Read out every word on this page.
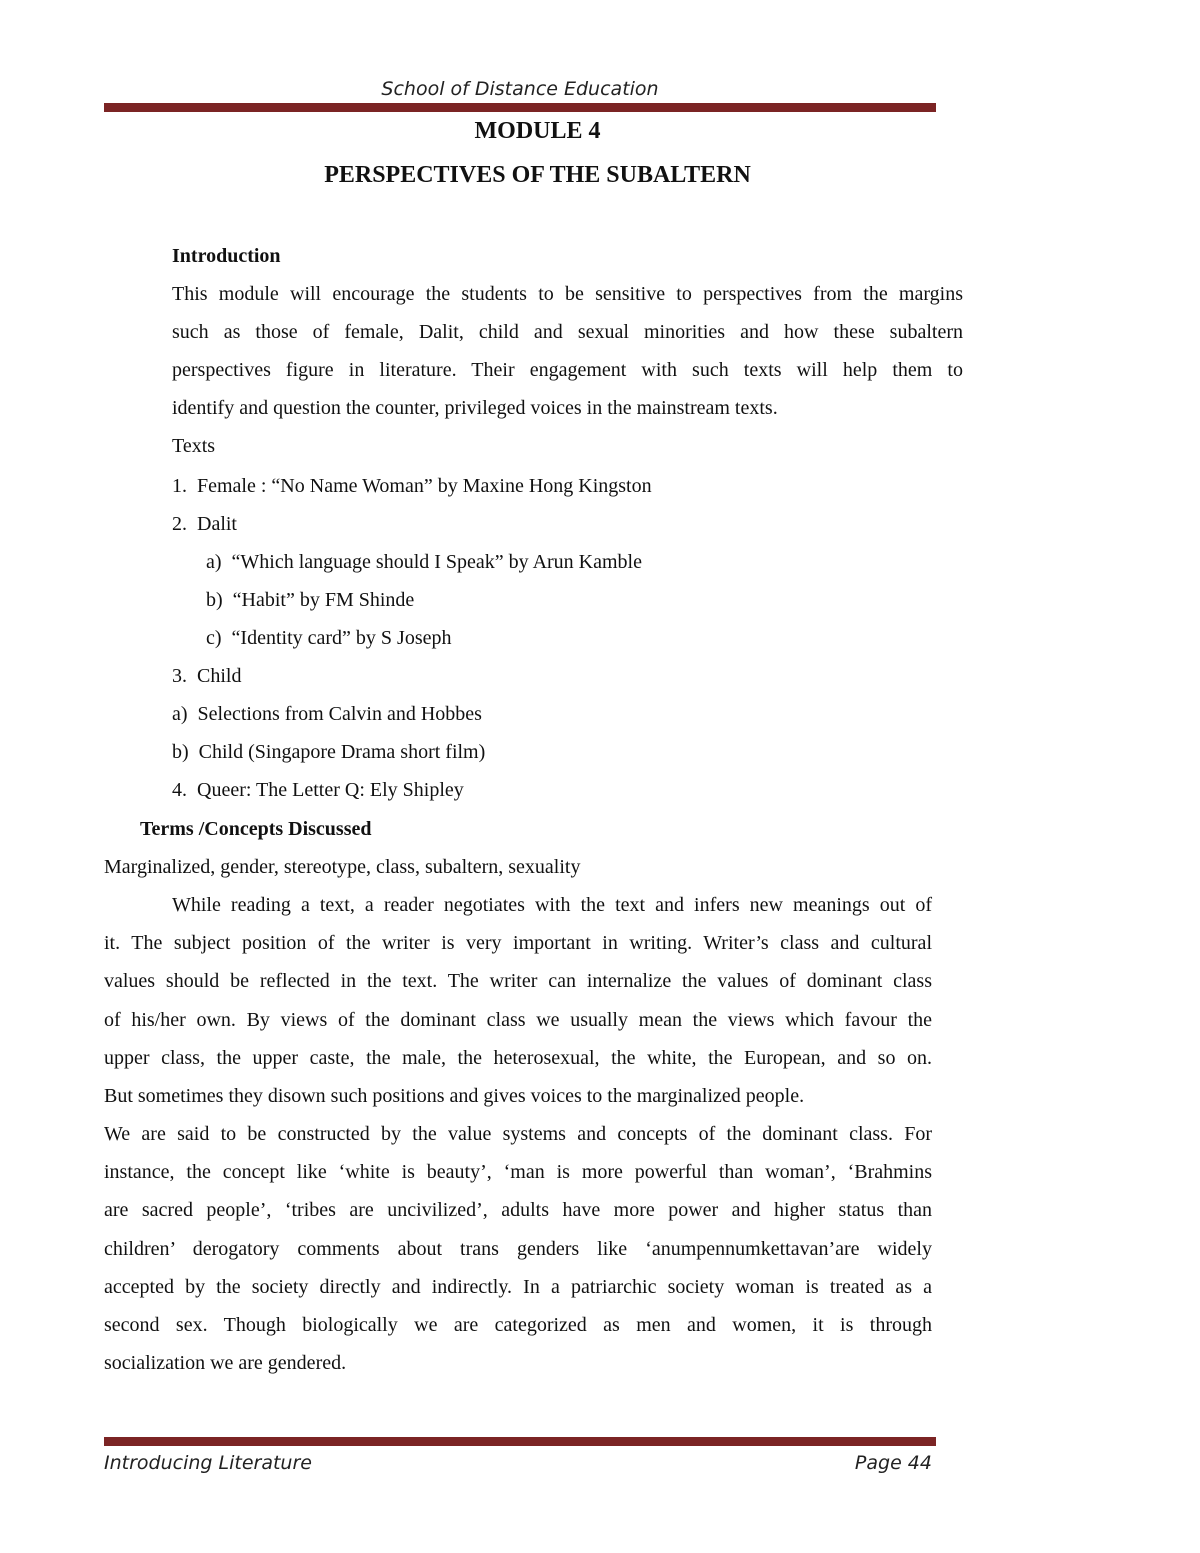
School of Distance Education
MODULE 4
PERSPECTIVES OF THE SUBALTERN
Introduction
This module will encourage the students to be sensitive to perspectives from the margins
such as those of female, Dalit, child and sexual minorities and how these subaltern
perspectives figure in literature. Their engagement with such texts will help them to
identify and question the counter, privileged voices in the mainstream texts.
Texts
1.  Female : “No Name Woman” by Maxine Hong Kingston
2.  Dalit
a)  “Which language should I Speak” by Arun Kamble
b)  “Habit” by FM Shinde
c)  “Identity card” by S Joseph
3.  Child
a)  Selections from Calvin and Hobbes
b)  Child (Singapore Drama short film)
4.  Queer: The Letter Q: Ely Shipley
Terms /Concepts Discussed
Marginalized, gender, stereotype, class, subaltern, sexuality
While reading a text, a reader negotiates with the text and infers new meanings out of
it. The subject position of the writer is very important in writing. Writer’s class and cultural
values should be reflected in the text. The writer can internalize the values of dominant class
of his/her own. By views of the dominant class we usually mean the views which favour the
upper class, the upper caste, the male, the heterosexual, the white, the European, and so on.
But sometimes they disown such positions and gives voices to the marginalized people.
We are said to be constructed by the value systems and concepts of the dominant class. For
instance, the concept like ‘white is beauty’, ‘man is more powerful than woman’, ‘Brahmins
are sacred people’, ‘tribes are uncivilized’, adults have more power and higher status than
children’ derogatory comments about trans genders like ‘anumpennumkettavan’are widely
accepted by the society directly and indirectly. In a patriarchic society woman is treated as a
second sex. Though biologically we are categorized as men and women, it is through
socialization we are gendered.
Introducing Literature	Page 44
